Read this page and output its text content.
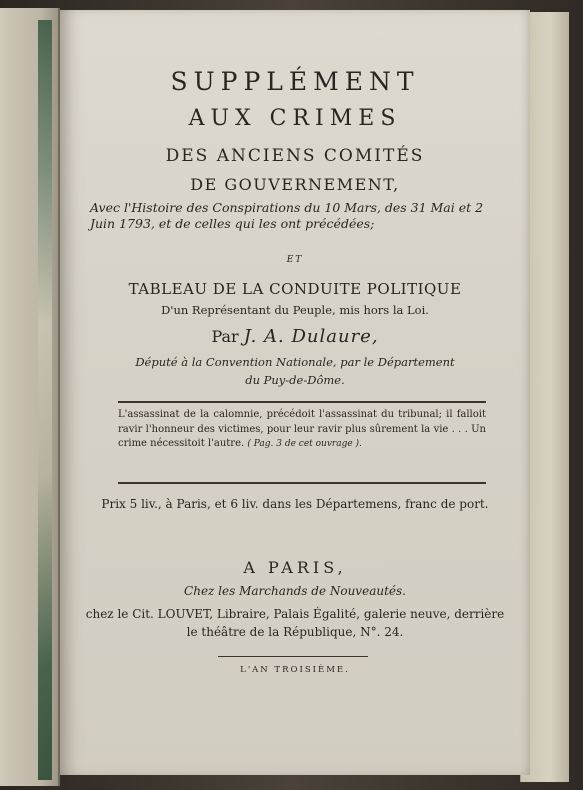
SUPPLÉMENT
AUX CRIMES
DES ANCIENS COMITÉS
DE GOUVERNEMENT,
Avec l'Histoire des Conspirations du 10 Mars, des 31 Mai et 2 Juin 1793, et de celles qui les ont précédées;
ET
TABLEAU DE LA CONDUITE POLITIQUE
D'un Représentant du Peuple, mis hors la Loi.
Par J. A. Dulaure,
Député à la Convention Nationale, par le Département
du Puy-de-Dôme.
L'assassinat de la calomnie, précédoit l'assassinat du tribunal; il falloit ravir l'honneur des victimes, pour leur ravir plus sûrement la vie . . . Un crime nécessitoit l'autre. ( Pag. 3 de cet ouvrage ).
Prix 5 liv., à Paris, et 6 liv. dans les Départemens, franc de port.
A PARIS,
Chez les Marchands de Nouveautés.
chez le Cit. LOUVET, Libraire, Palais Égalité, galerie neuve, derrière le théâtre de la République, N°. 24.
L'AN TROISIÈME.
